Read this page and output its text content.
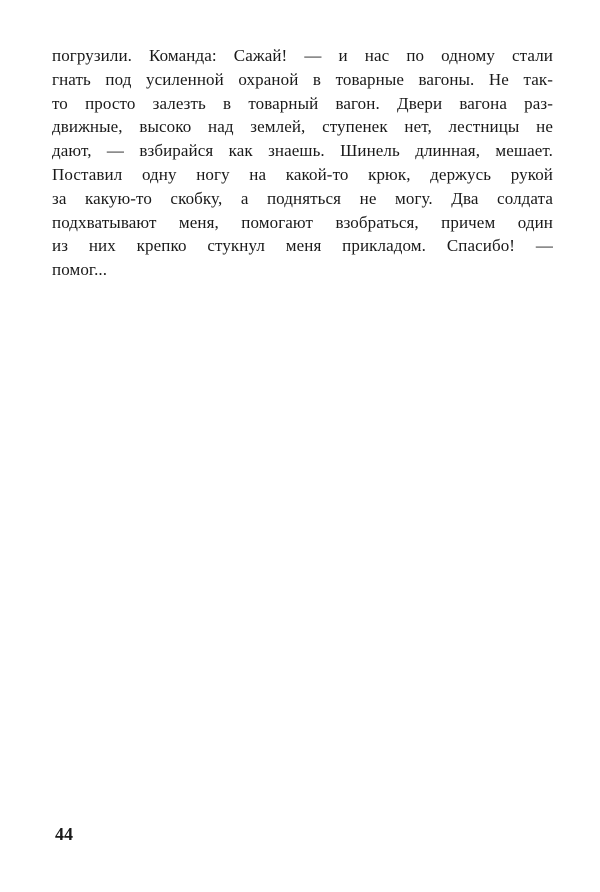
погрузили. Команда: Сажай! — и нас по одному стали
гнать под усиленной охраной в товарные вагоны. Не так-
то просто залезть в товарный вагон. Двери вагона раз-
движные, высоко над землей, ступенек нет, лестницы не
дают, — взбирайся как знаешь. Шинель длинная, мешает.
Поставил одну ногу на какой-то крюк, держусь рукой
за какую-то скобку, а подняться не могу. Два солдата
подхватывают меня, помогают взобраться, причем один
из них крепко стукнул меня прикладом. Спасибо! —
помог...
44
